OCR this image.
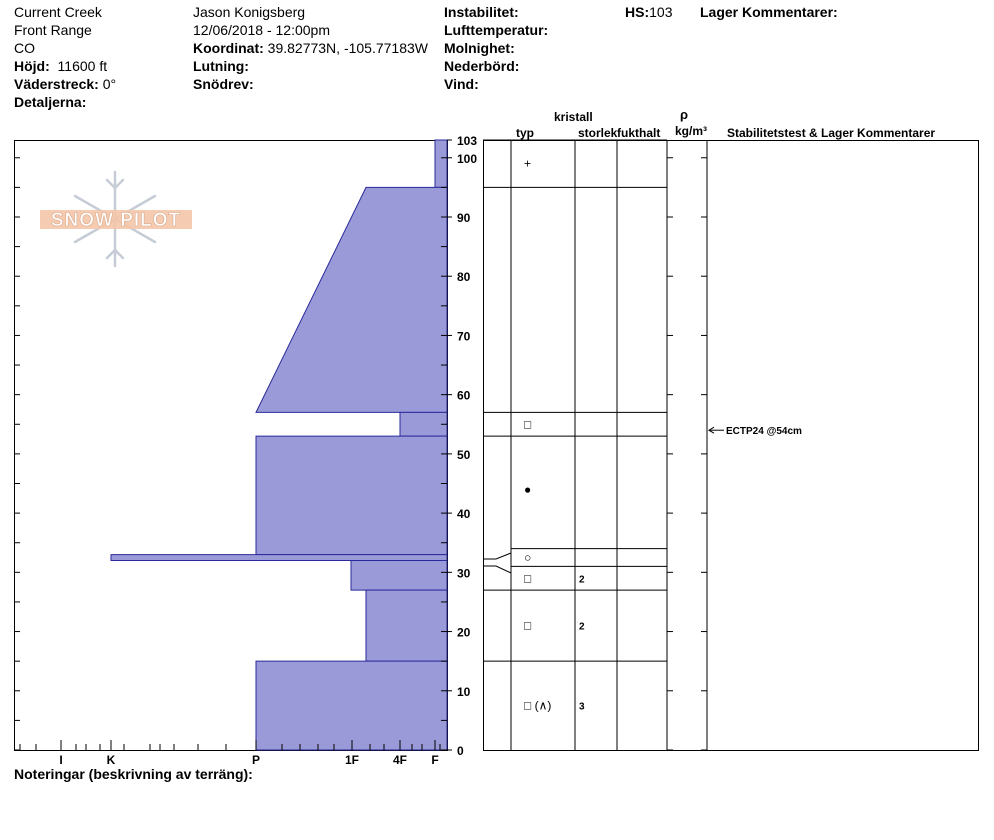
Current Creek
Front Range
CO
Höjd: 11600 ft
Väderstreck: 0°
Detaljerna:
Jason Konigsberg
12/06/2018 - 12:00pm
Koordinat: 39.82773N, -105.77183W
Lutning:
Snödrev:
Instabilitet:
Lufttemperatur:
Molnighet:
Nederbörd:
Vind:
HS:103 Lager Kommentarer:
kristall
typ	storlek fukthalt
ρ
kg/m³ Stabilitetstest & Lager Kommentarer
SNOW PILOT
I	K	P	1F	4F F
103
100
90
80
70
60
50
40
30
20
10
0
+
□
●
○
□	2
□	2
□ (∧)	3
ECTP24 @54cm
Noteringar (beskrivning av terräng):
